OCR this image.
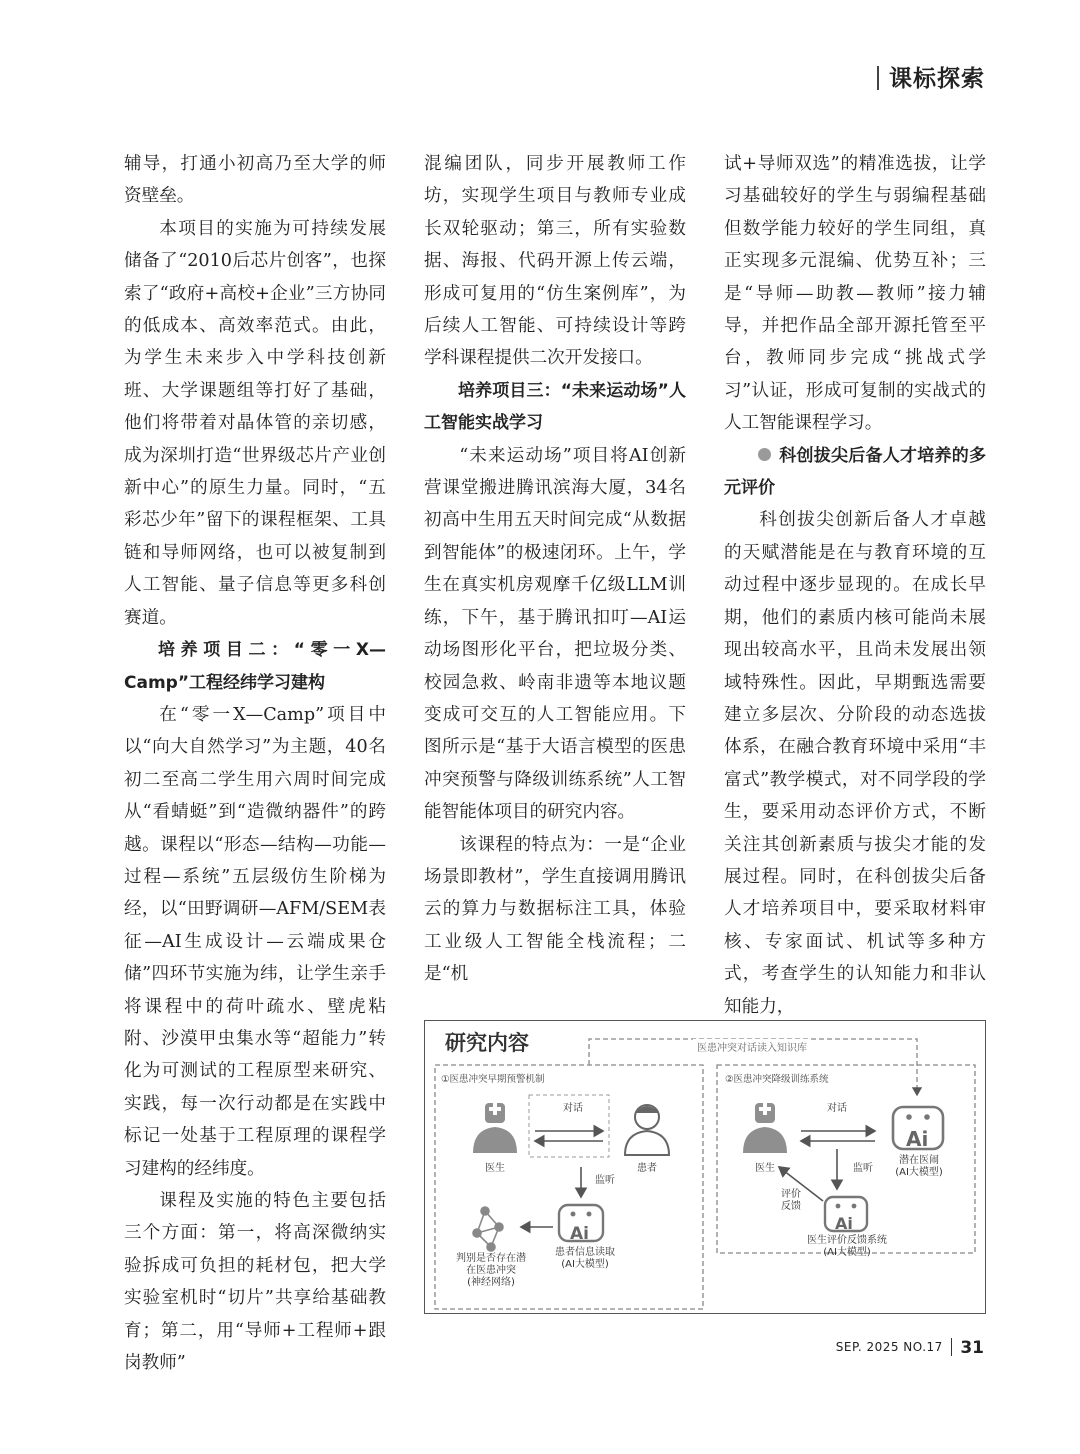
课标探索

辅导，打通小初高乃至大学的师资壁垒。

本项目的实施为可持续发展储备了“2010后芯片创客”，也探索了“政府+高校+企业”三方协同的低成本、高效率范式。由此，为学生未来步入中学科技创新班、大学课题组等打好了基础，他们将带着对晶体管的亲切感，成为深圳打造“世界级芯片产业创新中心”的原生力量。同时，“五彩芯少年”留下的课程框架、工具链和导师网络，也可以被复制到人工智能、量子信息等更多科创赛道。

培养项目二：“零一X—Camp”工程经纬学习建构

在“零一X—Camp”项目中以“向大自然学习”为主题，40名初二至高二学生用六周时间完成从“看蜻蜓”到“造微纳器件”的跨越。课程以“形态—结构—功能—过程—系统”五层级仿生阶梯为经，以“田野调研—AFM/SEM表征—AI生成设计—云端成果仓储”四环节实施为纬，让学生亲手将课程中的荷叶疏水、壁虎粘附、沙漠甲虫集水等“超能力”转化为可测试的工程原型来研究、实践，每一次行动都是在实践中标记一处基于工程原理的课程学习建构的经纬度。

课程及实施的特色主要包括三个方面：第一，将高深微纳实验拆成可负担的耗材包，把大学实验室机时“切片”共享给基础教育；第二，用“导师+工程师+跟岗教师”

混编团队，同步开展教师工作坊，实现学生项目与教师专业成长双轮驱动；第三，所有实验数据、海报、代码开源上传云端，形成可复用的“仿生案例库”，为后续人工智能、可持续设计等跨学科课程提供二次开发接口。

培养项目三：“未来运动场”人工智能实战学习

“未来运动场”项目将AI创新营课堂搬进腾讯滨海大厦，34名初高中生用五天时间完成“从数据到智能体”的极速闭环。上午，学生在真实机房观摩千亿级LLM训练，下午，基于腾讯扣叮—AI运动场图形化平台，把垃圾分类、校园急救、岭南非遗等本地议题变成可交互的人工智能应用。下图所示是“基于大语言模型的医患冲突预警与降级训练系统”人工智能智能体项目的研究内容。

该课程的特点为：一是“企业场景即教材”，学生直接调用腾讯云的算力与数据标注工具，体验工业级人工智能全栈流程；二是“机

试+导师双选”的精准选拔，让学习基础较好的学生与弱编程基础但数学能力较好的学生同组，真正实现多元混编、优势互补；三是“导师—助教—教师”接力辅导，并把作品全部开源托管至平台，教师同步完成“挑战式学习”认证，形成可复制的实战式的人工智能课程学习。

科创拔尖后备人才培养的多元评价

科创拔尖创新后备人才卓越的天赋潜能是在与教育环境的互动过程中逐步显现的。在成长早期，他们的素质内核可能尚未展现出较高水平，且尚未发展出领域特殊性。因此，早期甄选需要建立多层次、分阶段的动态选拔体系，在融合教育环境中采用“丰富式”教学模式，对不同学段的学生，要采用动态评价方式，不断关注其创新素质与拔尖才能的发展过程。同时，在科创拔尖后备人才培养项目中，要采取材料审核、专家面试、机试等多种方式，考查学生的认知能力和非认知能力，

Ai
Ai
Ai
研究内容	医患冲突对话读入知识库
①医患冲突早期预警机制	②医患冲突降级训练系统
对话
医生	患者
监听
患者信息读取
(AI大模型)
判别是否存在潜
在医患冲突
(神经网络)
对话
医生	监听
潜在医闹
(AI大模型)
评价
反馈
医生评价反馈系统
(AI大模型)
SEP. 2025 NO.17 31
